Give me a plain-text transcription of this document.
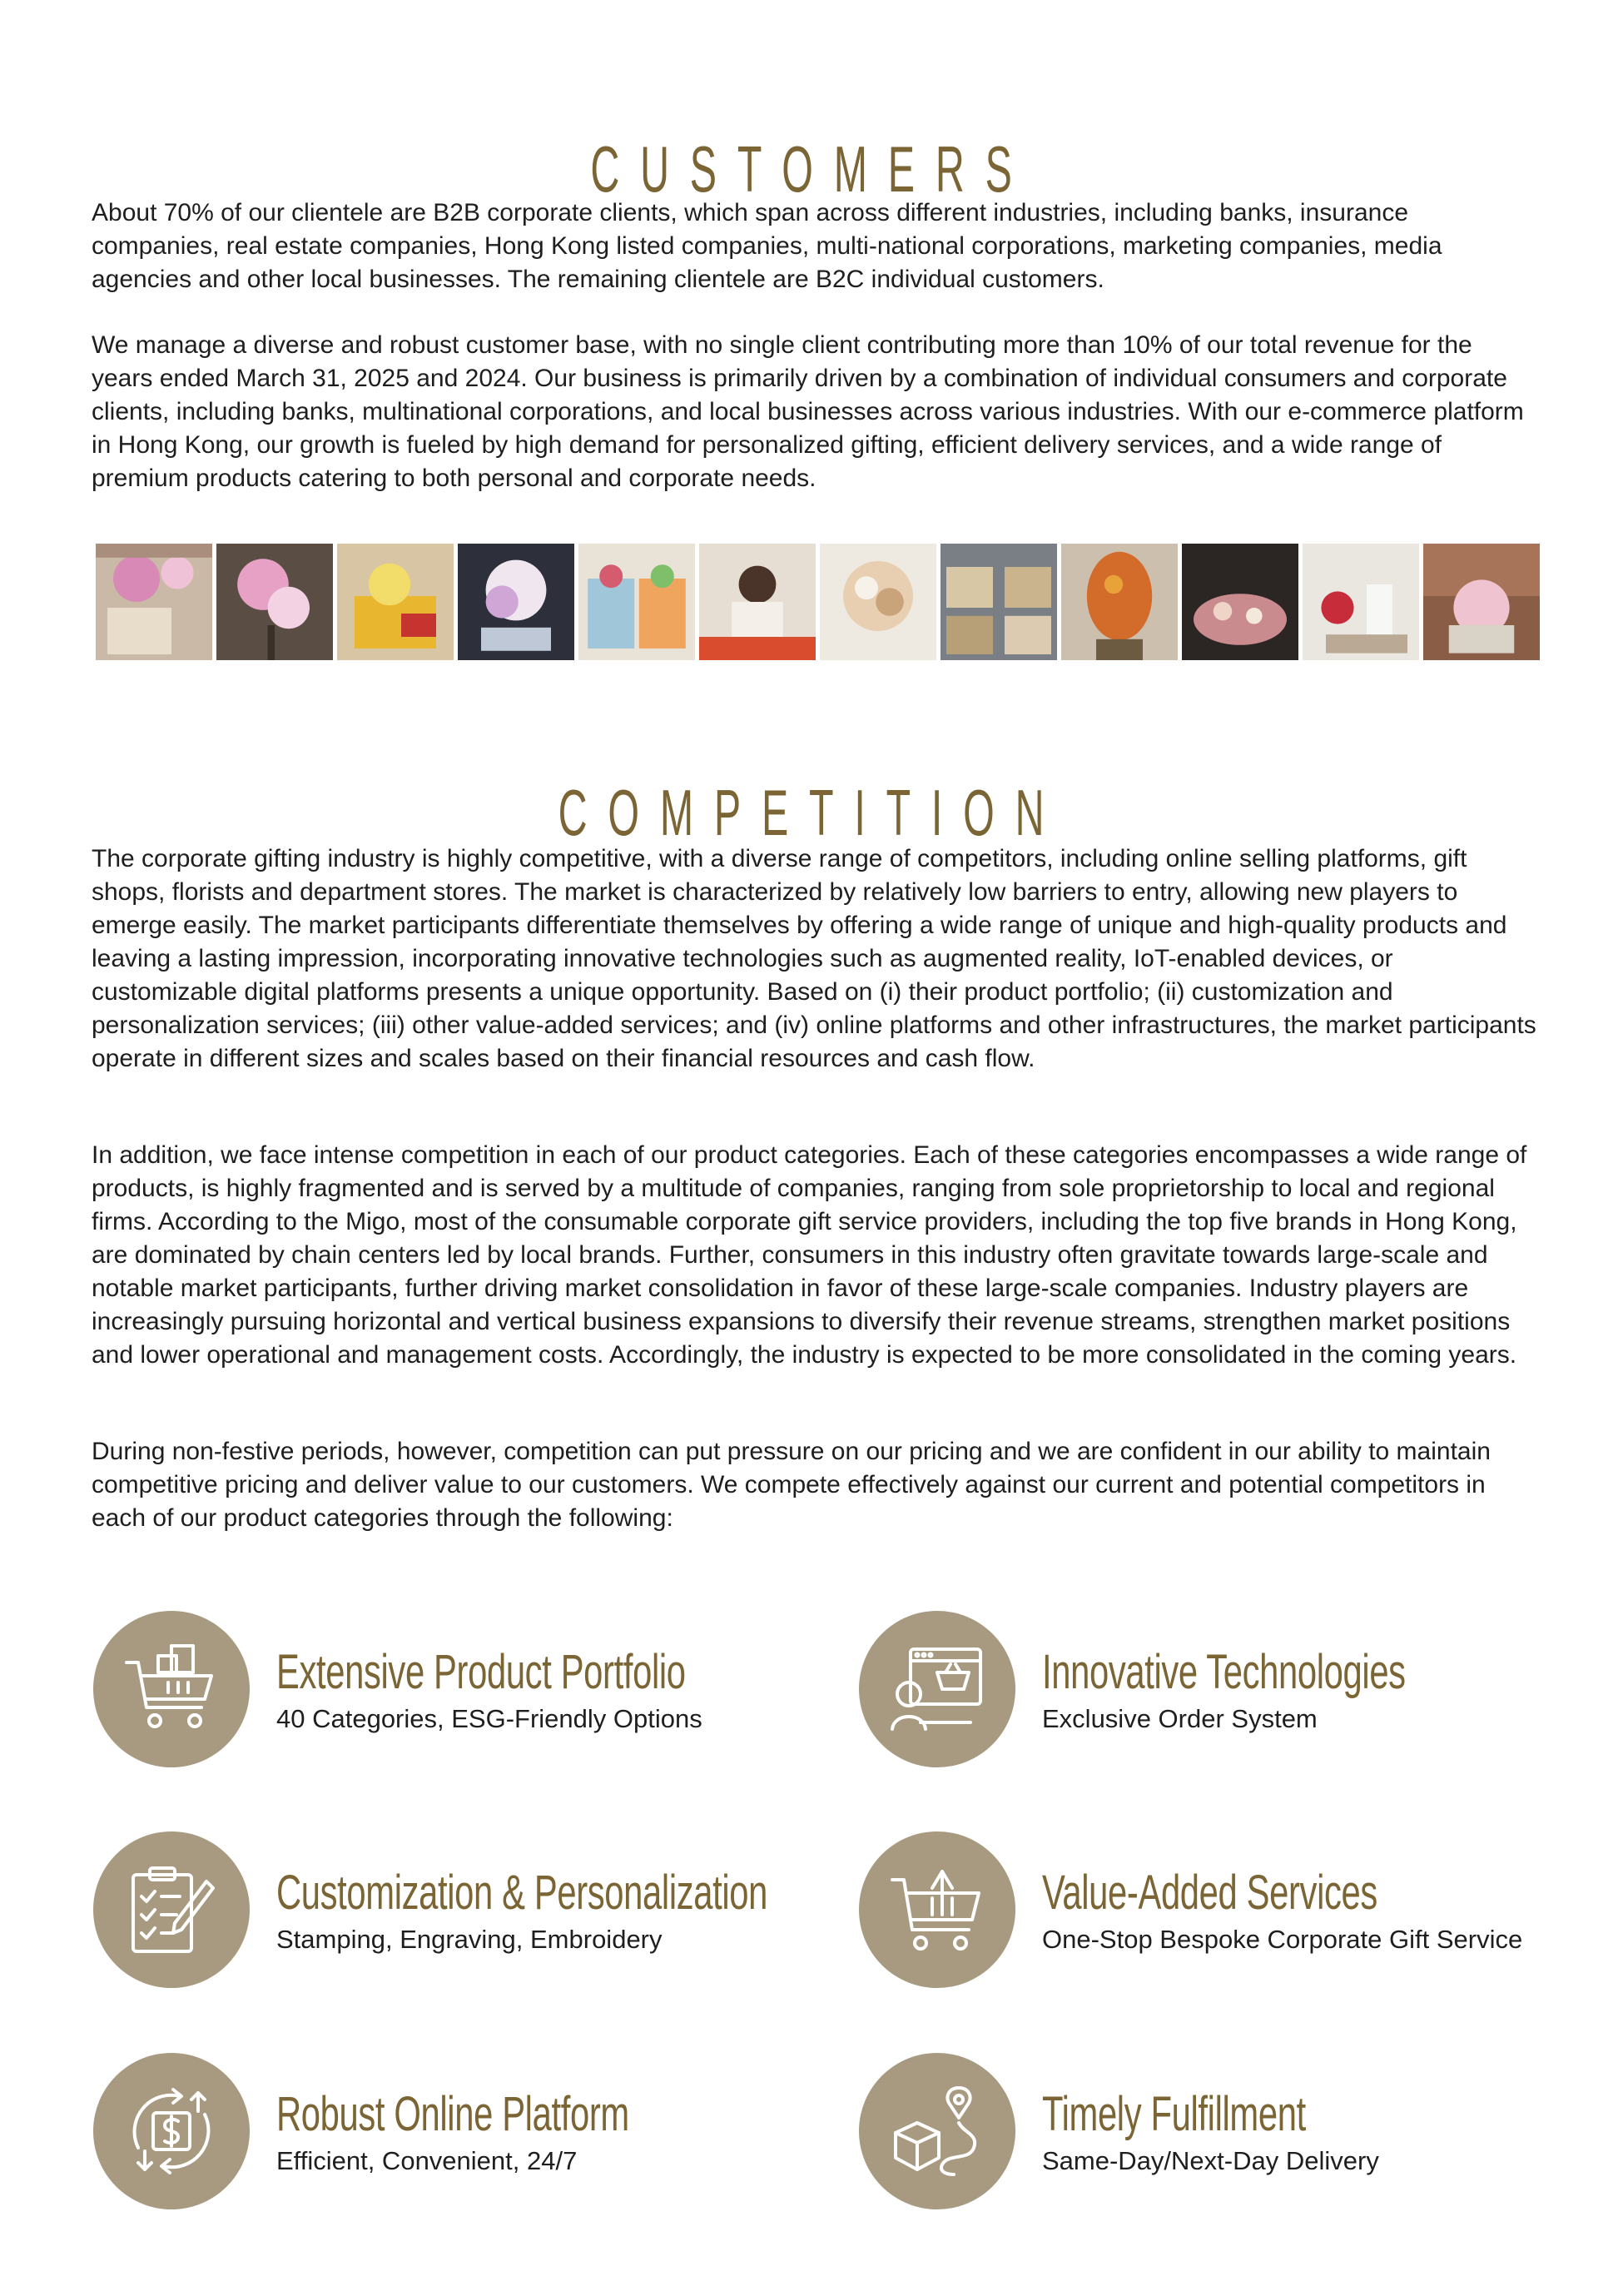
CUSTOMERS

About 70% of our clientele are B2B corporate clients, which span across different industries, including banks, insurance companies, real estate companies, Hong Kong listed companies, multi-national corporations, marketing companies, media agencies and other local businesses. The remaining clientele are B2C individual customers.

We manage a diverse and robust customer base, with no single client contributing more than 10% of our total revenue for the years ended March 31, 2025 and 2024. Our business is primarily driven by a combination of individual consumers and corporate clients, including banks, multinational corporations, and local businesses across various industries. With our e-commerce platform in Hong Kong, our growth is fueled by high demand for personalized gifting, efficient delivery services, and a wide range of premium products catering to both personal and corporate needs.

COMPETITION

The corporate gifting industry is highly competitive, with a diverse range of competitors, including online selling platforms, gift shops, florists and department stores. The market is characterized by relatively low barriers to entry, allowing new players to emerge easily. The market participants differentiate themselves by offering a wide range of unique and high-quality products and leaving a lasting impression, incorporating innovative technologies such as augmented reality, IoT-enabled devices, or customizable digital platforms presents a unique opportunity. Based on (i) their product portfolio; (ii) customization and personalization services; (iii) other value-added services; and (iv) online platforms and other infrastructures, the market participants operate in different sizes and scales based on their financial resources and cash flow.

In addition, we face intense competition in each of our product categories. Each of these categories encompasses a wide range of products, is highly fragmented and is served by a multitude of companies, ranging from sole proprietorship to local and regional firms. According to the Migo, most of the consumable corporate gift service providers, including the top five brands in Hong Kong, are dominated by chain centers led by local brands. Further, consumers in this industry often gravitate towards large-scale and notable market participants, further driving market consolidation in favor of these large-scale companies. Industry players are increasingly pursuing horizontal and vertical business expansions to diversify their revenue streams, strengthen market positions and lower operational and management costs. Accordingly, the industry is expected to be more consolidated in the coming years.

During non-festive periods, however, competition can put pressure on our pricing and we are confident in our ability to maintain competitive pricing and deliver value to our customers. We compete effectively against our current and potential competitors in each of our product categories through the following:

Extensive Product Portfolio
40 Categories, ESG-Friendly Options
Innovative Technologies
Exclusive Order System
Customization & Personalization
Stamping, Engraving, Embroidery
Value-Added Services
One-Stop Bespoke Corporate Gift Service
Robust Online Platform
Efficient, Convenient, 24/7
Timely Fulfillment
Same-Day/Next-Day Delivery
